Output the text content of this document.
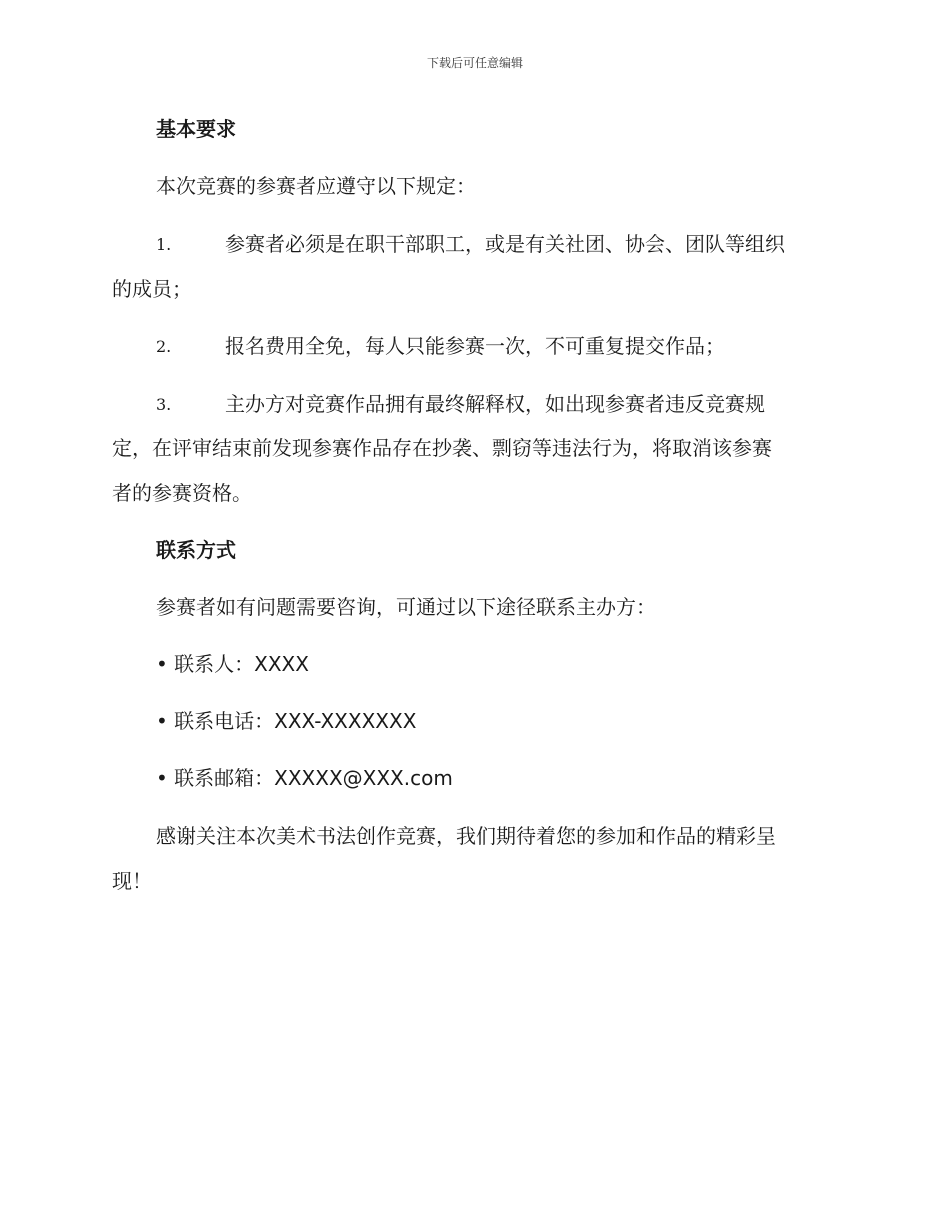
下载后可任意编辑
基本要求
本次竞赛的参赛者应遵守以下规定：
1.	参赛者必须是在职干部职工，或是有关社团、协会、团队等组织
的成员；
2.	报名费用全免，每人只能参赛一次，不可重复提交作品；
3.	主办方对竞赛作品拥有最终解释权，如出现参赛者违反竞赛规
定，在评审结束前发现参赛作品存在抄袭、剽窃等违法行为，将取消该参赛
者的参赛资格。
联系方式
参赛者如有问题需要咨询，可通过以下途径联系主办方：
• 联系人：XXXX
• 联系电话：XXX-XXXXXXX
• 联系邮箱：XXXXX@XXX.com
感谢关注本次美术书法创作竞赛，我们期待着您的参加和作品的精彩呈
现！
